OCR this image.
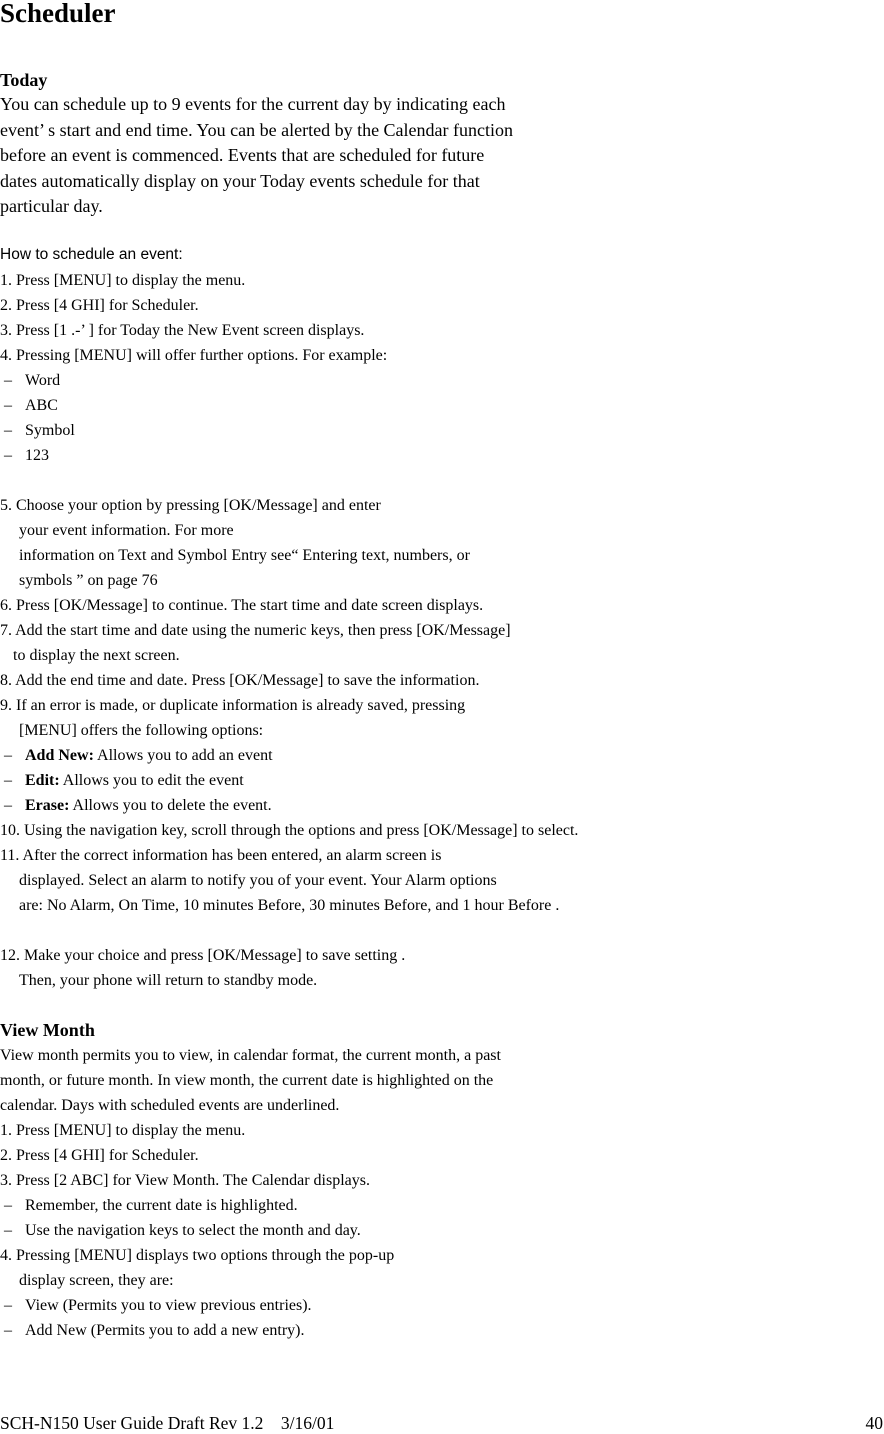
Scheduler
Today
You can schedule up to 9 events for the current day by indicating each
event’ s start and end time. You can be alerted by the Calendar function
before an event is commenced. Events that are scheduled for future
dates automatically display on your Today events schedule for that
particular day.
How to schedule an event:
1. Press [MENU] to display the menu.
2. Press [4 GHI] for Scheduler.
3. Press [1 .-’ ] for Today the New Event screen displays.
4. Pressing [MENU] will offer further options. For example:
– Word
– ABC
– Symbol
– 123
5. Choose your option by pressing [OK/Message] and enter
your event information. For more
information on Text and Symbol Entry see“ Entering text, numbers, or
symbols ” on page 76
6. Press [OK/Message] to continue. The start time and date screen displays.
7. Add the start time and date using the numeric keys, then press [OK/Message]
to display the next screen.
8. Add the end time and date. Press [OK/Message] to save the information.
9. If an error is made, or duplicate information is already saved, pressing
[MENU] offers the following options:
– Add New: Allows you to add an event
– Edit: Allows you to edit the event
– Erase: Allows you to delete the event.
10. Using the navigation key, scroll through the options and press [OK/Message] to select.
11. After the correct information has been entered, an alarm screen is
displayed. Select an alarm to notify you of your event. Your Alarm options
are: No Alarm, On Time, 10 minutes Before, 30 minutes Before, and 1 hour Before .
12. Make your choice and press [OK/Message] to save setting .
Then, your phone will return to standby mode.
View Month
View month permits you to view, in calendar format, the current month, a past
month, or future month. In view month, the current date is highlighted on the
calendar. Days with scheduled events are underlined.
1. Press [MENU] to display the menu.
2. Press [4 GHI] for Scheduler.
3. Press [2 ABC] for View Month. The Calendar displays.
– Remember, the current date is highlighted.
– Use the navigation keys to select the month and day.
4. Pressing [MENU] displays two options through the pop-up
display screen, they are:
– View (Permits you to view previous entries).
– Add New (Permits you to add a new entry).
SCH-N150 User Guide Draft Rev 1.2    3/16/01	40
